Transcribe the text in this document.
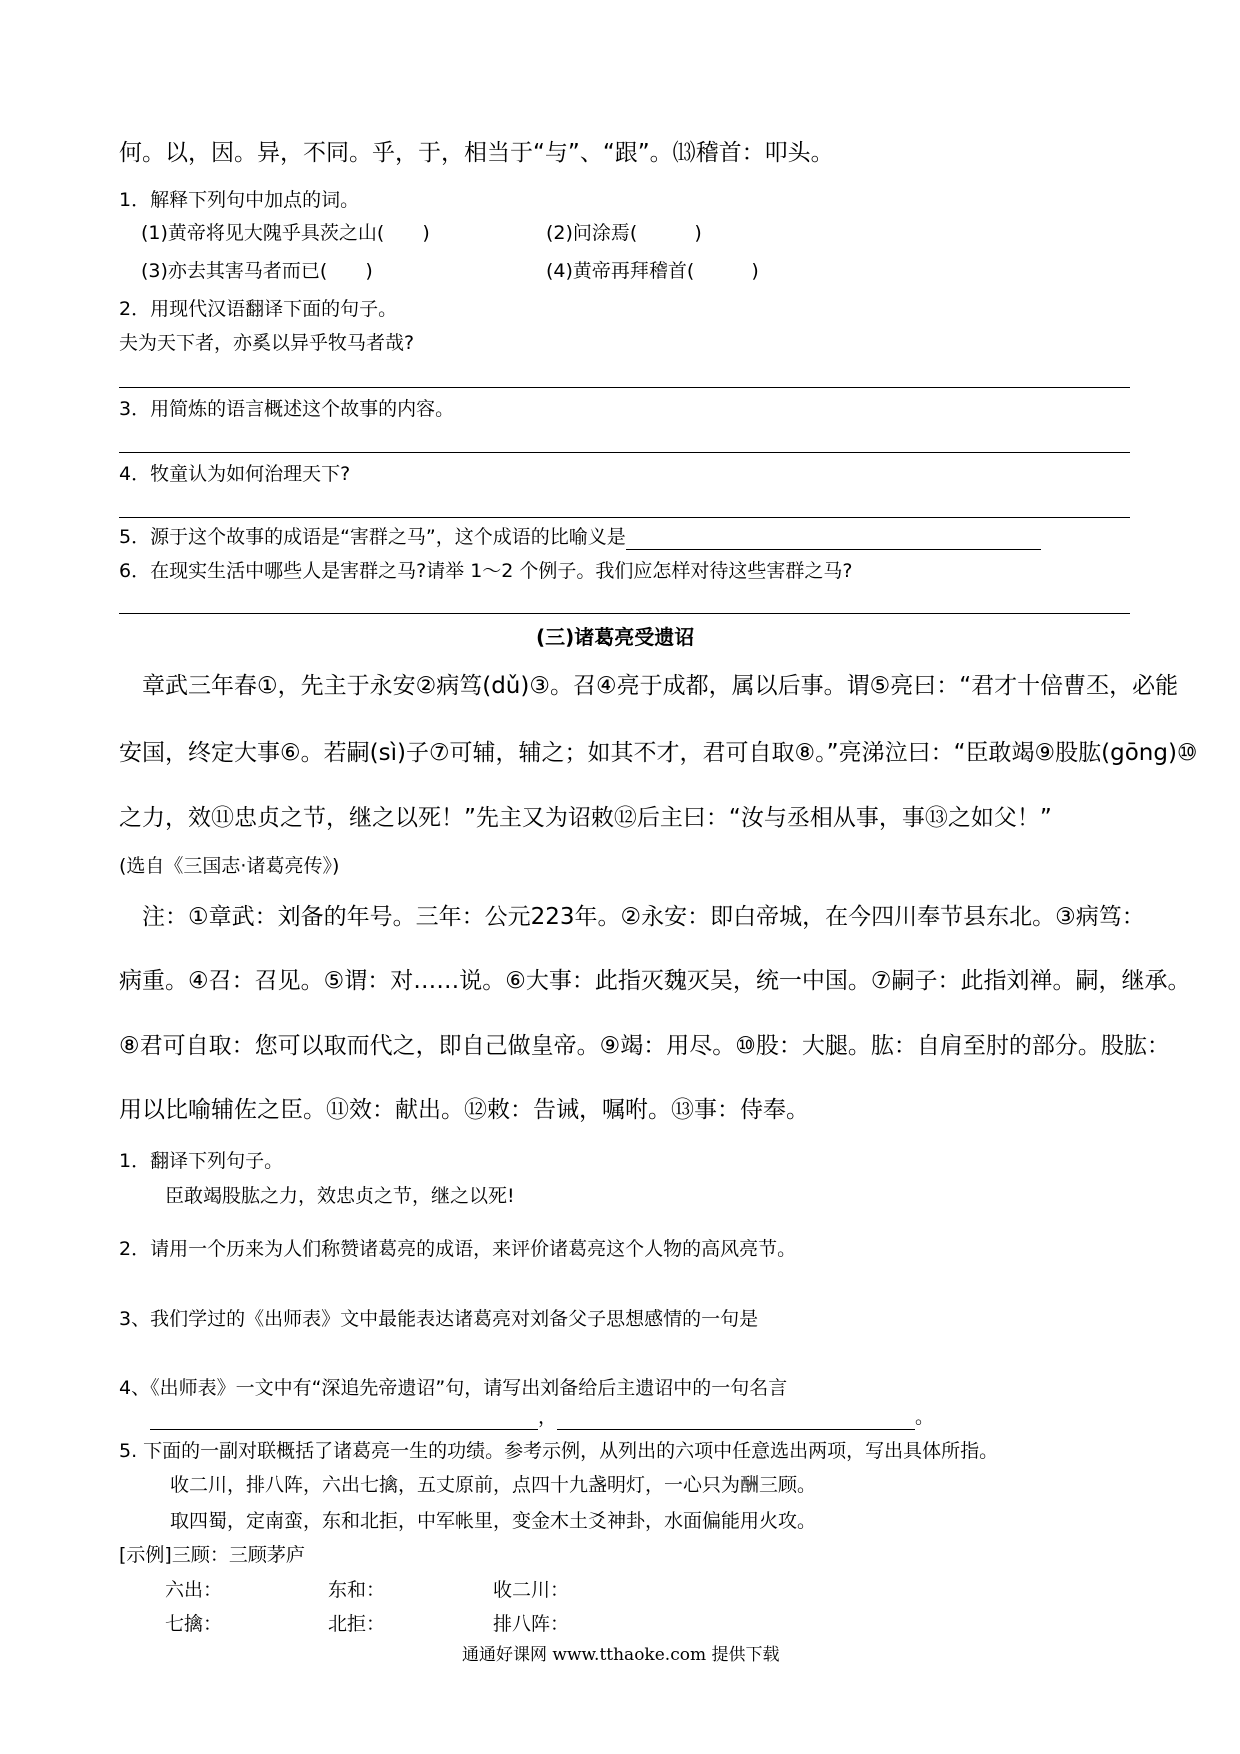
何。以，因。异，不同。乎，于，相当于“与”、“跟”。⒀稽首：叩头。
1．解释下列句中加点的词。
(1)黄帝将见大隗乎具茨之山(　　)	(2)问涂焉(　　　)
(3)亦去其害马者而已(　　)	(4)黄帝再拜稽首(　　　)
2．用现代汉语翻译下面的句子。
夫为天下者，亦奚以异乎牧马者哉?
3．用简炼的语言概述这个故事的内容。
4．牧童认为如何治理天下?
5．源于这个故事的成语是“害群之马”，这个成语的比喻义是
6．在现实生活中哪些人是害群之马?请举 1～2 个例子。我们应怎样对待这些害群之马?
(三)诸葛亮受遗诏
　章武三年春①，先主于永安②病笃(dǔ)③。召④亮于成都，属以后事。谓⑤亮曰：“君才十倍曹丕，必能
安国，终定大事⑥。若嗣(sì)子⑦可辅，辅之；如其不才，君可自取⑧。”亮涕泣曰：“臣敢竭⑨股肱(gōng)⑩
之力，效⑪忠贞之节，继之以死！”先主又为诏敕⑫后主曰：“汝与丞相从事，事⑬之如父！”
(选自《三国志·诸葛亮传》)
　注：①章武：刘备的年号。三年：公元223年。②永安：即白帝城，在今四川奉节县东北。③病笃：
病重。④召：召见。⑤谓：对……说。⑥大事：此指灭魏灭吴，统一中国。⑦嗣子：此指刘禅。嗣，继承。
⑧君可自取：您可以取而代之，即自己做皇帝。⑨竭：用尽。⑩股：大腿。肱：自肩至肘的部分。股肱：
用以比喻辅佐之臣。⑪效：献出。⑫敕：告诫，嘱咐。⑬事：侍奉。
1．翻译下列句子。
臣敢竭股肱之力，效忠贞之节，继之以死!
2．请用一个历来为人们称赞诸葛亮的成语，来评价诸葛亮这个人物的高风亮节。
3、我们学过的《出师表》文中最能表达诸葛亮对刘备父子思想感情的一句是
4、《出师表》一文中有“深追先帝遗诏”句，请写出刘备给后主遗诏中的一句名言
，	。
5. 下面的一副对联概括了诸葛亮一生的功绩。参考示例，从列出的六项中任意选出两项，写出具体所指。
收二川，排八阵，六出七擒，五丈原前，点四十九盏明灯，一心只为酬三顾。
取四蜀，定南蛮，东和北拒，中军帐里，变金木土爻神卦，水面偏能用火攻。
[示例]三顾：三顾茅庐
六出：	东和：	收二川：
七擒：	北拒：	排八阵：
通通好课网 www.tthaoke.com 提供下载
